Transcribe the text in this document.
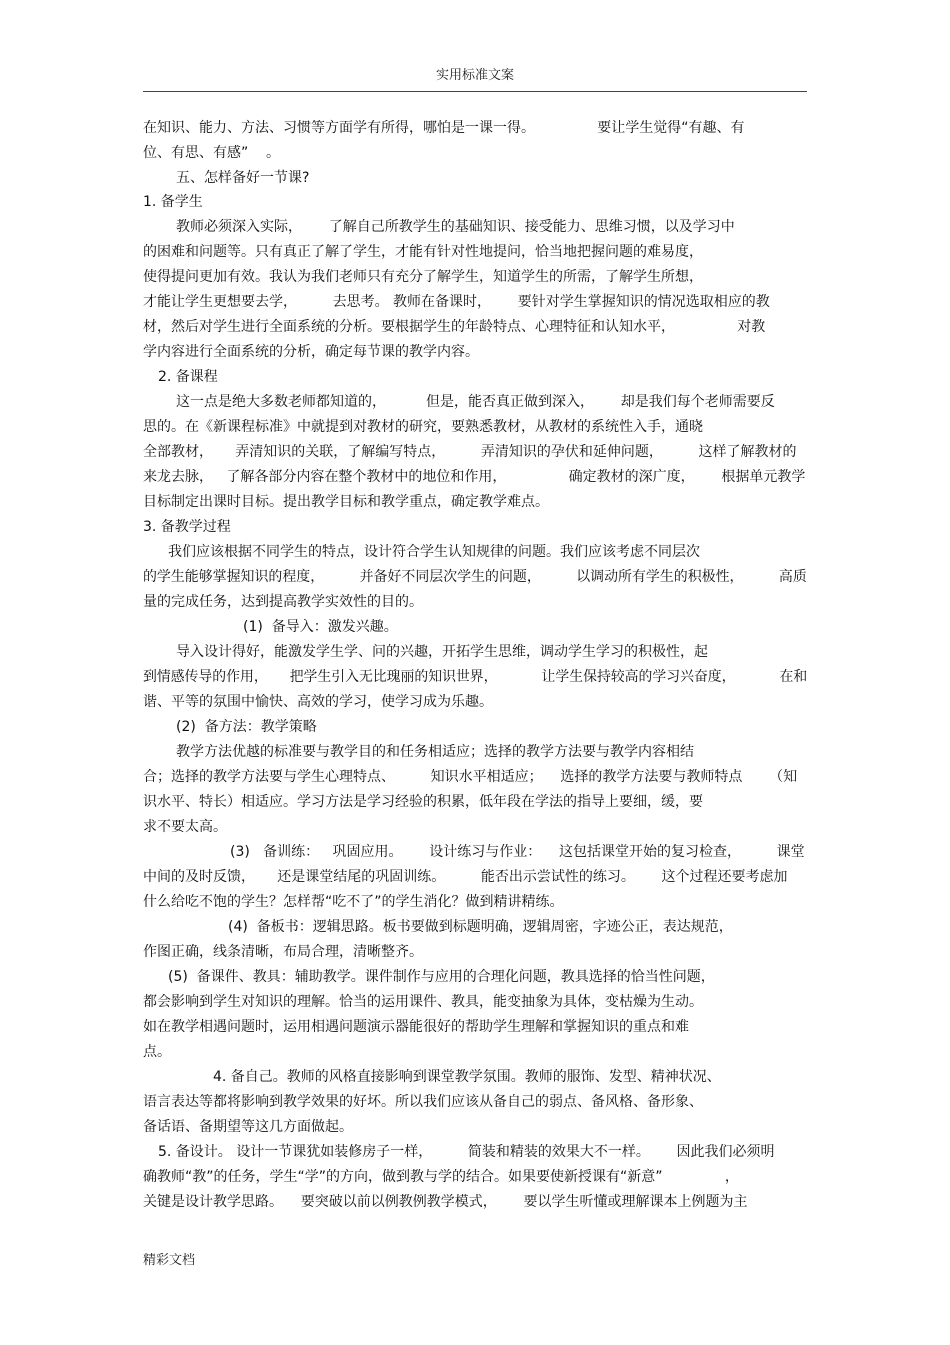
实用标准文案
在知识、能力、方法、习惯等方面学有所得，哪怕是一课一得。              要让学生觉得“有趣、有
位、有思、有感”    。
五、怎样备好一节课?
1. 备学生
教师必须深入实际，      了解自己所教学生的基础知识、接受能力、思维习惯，以及学习中
的困难和问题等。只有真正了解了学生，才能有针对性地提问，恰当地把握问题的难易度，
使得提问更加有效。我认为我们老师只有充分了解学生，知道学生的所需，了解学生所想，
才能让学生更想要去学，        去思考。 教师在备课时，      要针对学生掌握知识的情况选取相应的教
材，然后对学生进行全面系统的分析。要根据学生的年龄特点、心理特征和认知水平，              对教
学内容进行全面系统的分析，确定每节课的教学内容。
2. 备课程
这一点是绝大多数老师都知道的，         但是，能否真正做到深入，      却是我们每个老师需要反
思的。在《新课程标准》中就提到对教材的研究，要熟悉教材，从教材的系统性入手，通晓
全部教材，     弄清知识的关联，了解编写特点，        弄清知识的孕伏和延伸问题，        这样了解教材的
来龙去脉，   了解各部分内容在整个教材中的地位和作用，              确定教材的深广度，      根据单元教学
目标制定出课时目标。提出教学目标和教学重点，确定教学难点。
3. 备教学过程
我们应该根据不同学生的特点，设计符合学生认知规律的问题。我们应该考虑不同层次
的学生能够掌握知识的程度，        并备好不同层次学生的问题，        以调动所有学生的积极性，        高质
量的完成任务，达到提高教学实效性的目的。
(1)  备导入：激发兴趣。
导入设计得好，能激发学生学、问的兴趣，开拓学生思维，调动学生学习的积极性，起
到情感传导的作用，     把学生引入无比瑰丽的知识世界，          让学生保持较高的学习兴奋度，          在和
谐、平等的氛围中愉快、高效的学习，使学习成为乐趣。
(2)  备方法：教学策略
教学方法优越的标准要与教学目的和任务相适应；选择的教学方法要与教学内容相结
合；选择的教学方法要与学生心理特点、        知识水平相适应；    选择的教学方法要与教师特点      （知
识水平、特长）相适应。学习方法是学习经验的积累，低年段在学法的指导上要细，缓，要
求不要太高。
(3)   备训练：   巩固应用。      设计练习与作业：    这包括课堂开始的复习检查，        课堂
中间的及时反馈，     还是课堂结尾的巩固训练。        能否出示尝试性的练习。      这个过程还要考虑加
什么给吃不饱的学生？怎样帮“吃不了”的学生消化？做到精讲精练。
(4)  备板书：逻辑思路。板书要做到标题明确，逻辑周密，字迹公正，表达规范，
作图正确，线条清晰，布局合理，清晰整齐。
(5)  备课件、教具：辅助教学。课件制作与应用的合理化问题，教具选择的恰当性问题，
都会影响到学生对知识的理解。恰当的运用课件、教具，能变抽象为具体，变枯燥为生动。
如在教学相遇问题时，运用相遇问题演示器能很好的帮助学生理解和掌握知识的重点和难
点。
4. 备自己。教师的风格直接影响到课堂教学氛围。教师的服饰、发型、精神状况、
语言表达等都将影响到教学效果的好坏。所以我们应该从备自己的弱点、备风格、备形象、
备话语、备期望等这几方面做起。
5. 备设计。 设计一节课犹如装修房子一样，        简装和精装的效果大不一样。      因此我们必须明
确教师“教”的任务，学生“学”的方向，做到教与学的结合。如果要使新授课有“新意”              ，
关键是设计教学思路。    要突破以前以例教例教学模式，      要以学生听懂或理解课本上例题为主
精彩文档
